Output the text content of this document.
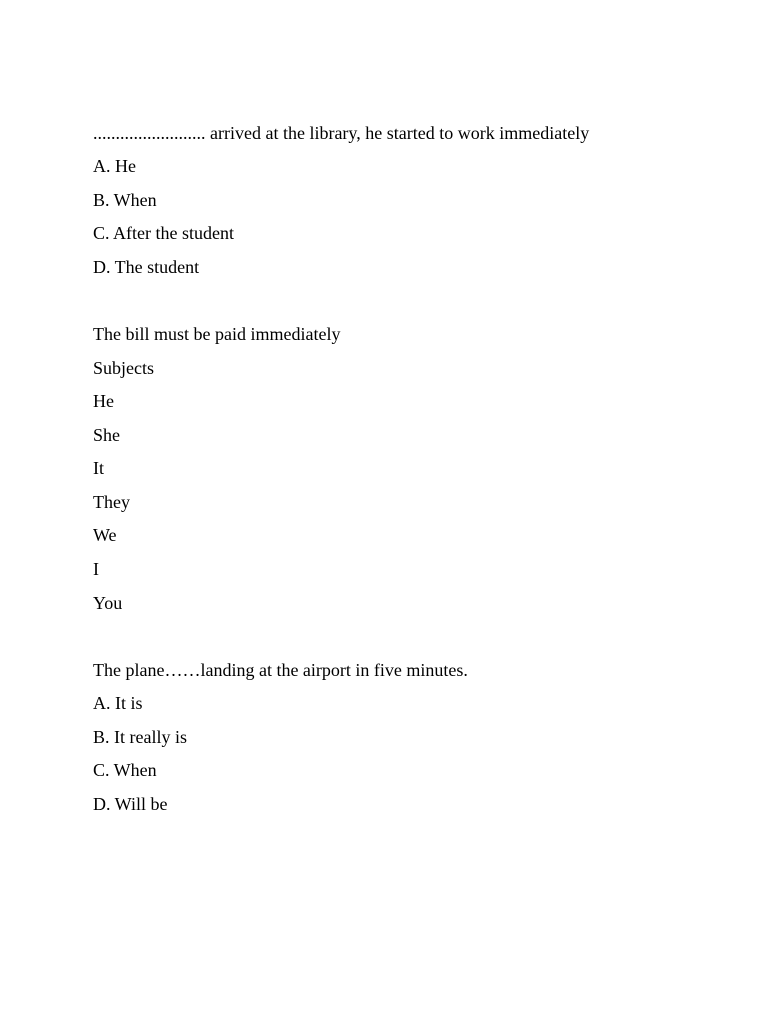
......................... arrived at the library, he started to work immediately

A. He

B. When

C. After the student

D. The student

The bill must be paid immediately

Subjects

He

She

It

They

We

I

You

The plane……landing at the airport in five minutes.

A. It is

B. It really is

C. When

D. Will be
